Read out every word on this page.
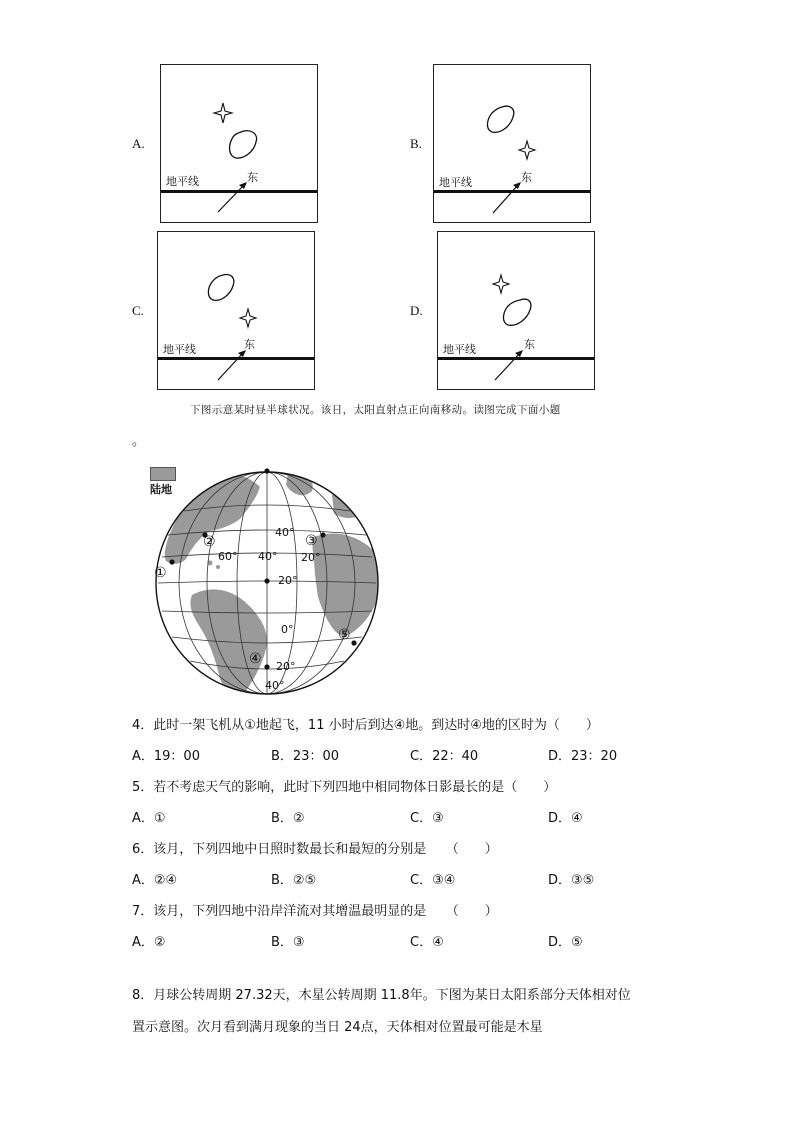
A.
地平线	东
B.
地平线	东
C.
地平线	东
D.
地平线	东
下图示意某时昼半球状况。该日，太阳直射点正向南移动。读图完成下面小题
。
陆地
②	③
①
④
⑤
40°
40°
60°	20°
20°
0°
20°
40°
4．此时一架飞机从①地起飞，11 小时后到达④地。到达时④地的区时为（　　）
A．19：00	B．23：00	C．22：40	D．23：20
5．若不考虑天气的影响，此时下列四地中相同物体日影最长的是（　　）
A．①	B．②	C．③	D．④
6．该月，下列四地中日照时数最长和最短的分别是　　（　　）
A．②④	B．②⑤	C．③④	D．③⑤
7．该月，下列四地中沿岸洋流对其增温最明显的是　　（　　）
A．②	B．③	C．④	D．⑤
8．月球公转周期 27.32天，木星公转周期 11.8年。下图为某日太阳系部分天体相对位
置示意图。次月看到满月现象的当日 24点，天体相对位置最可能是木星
